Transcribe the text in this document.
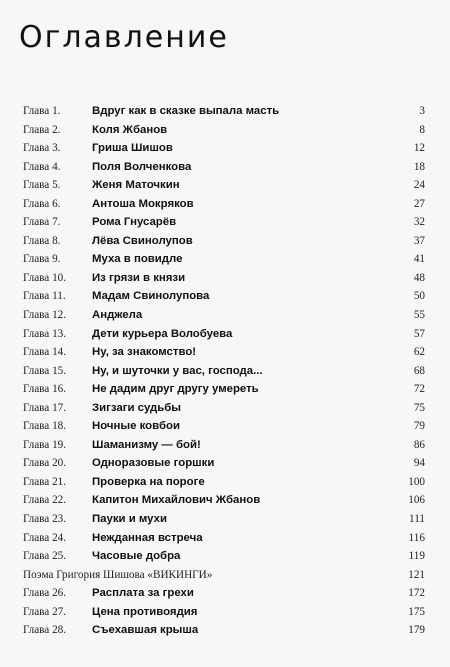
Оглавление
Глава 1.	Вдруг как в сказке выпала масть	3
Глава 2.	Коля Жбанов	8
Глава 3.	Гриша Шишов	12
Глава 4.	Поля Волченкова	18
Глава 5.	Женя Маточкин	24
Глава 6.	Антоша Мокряков	27
Глава 7.	Рома Гнусарёв	32
Глава 8.	Лёва Свинолупов	37
Глава 9.	Муха в повидле	41
Глава 10. Из грязи в князи	48
Глава 11. Мадам Свинолупова	50
Глава 12. Анджела	55
Глава 13. Дети курьера Волобуева	57
Глава 14. Ну, за знакомство!	62
Глава 15. Ну, и шуточки у вас, господа...	68
Глава 16. Не дадим друг другу умереть	72
Глава 17. Зигзаги судьбы	75
Глава 18. Ночные ковбои	79
Глава 19. Шаманизму — бой!	86
Глава 20. Одноразовые горшки	94
Глава 21. Проверка на пороге	100
Глава 22. Капитон Михайлович Жбанов	106
Глава 23. Пауки и мухи	111
Глава 24. Нежданная встреча	116
Глава 25. Часовые добра	119
Поэма Григория Шишова «ВИКИНГИ»	121
Глава 26. Расплата за грехи	172
Глава 27. Цена противоядия	175
Глава 28. Съехавшая крыша	179
